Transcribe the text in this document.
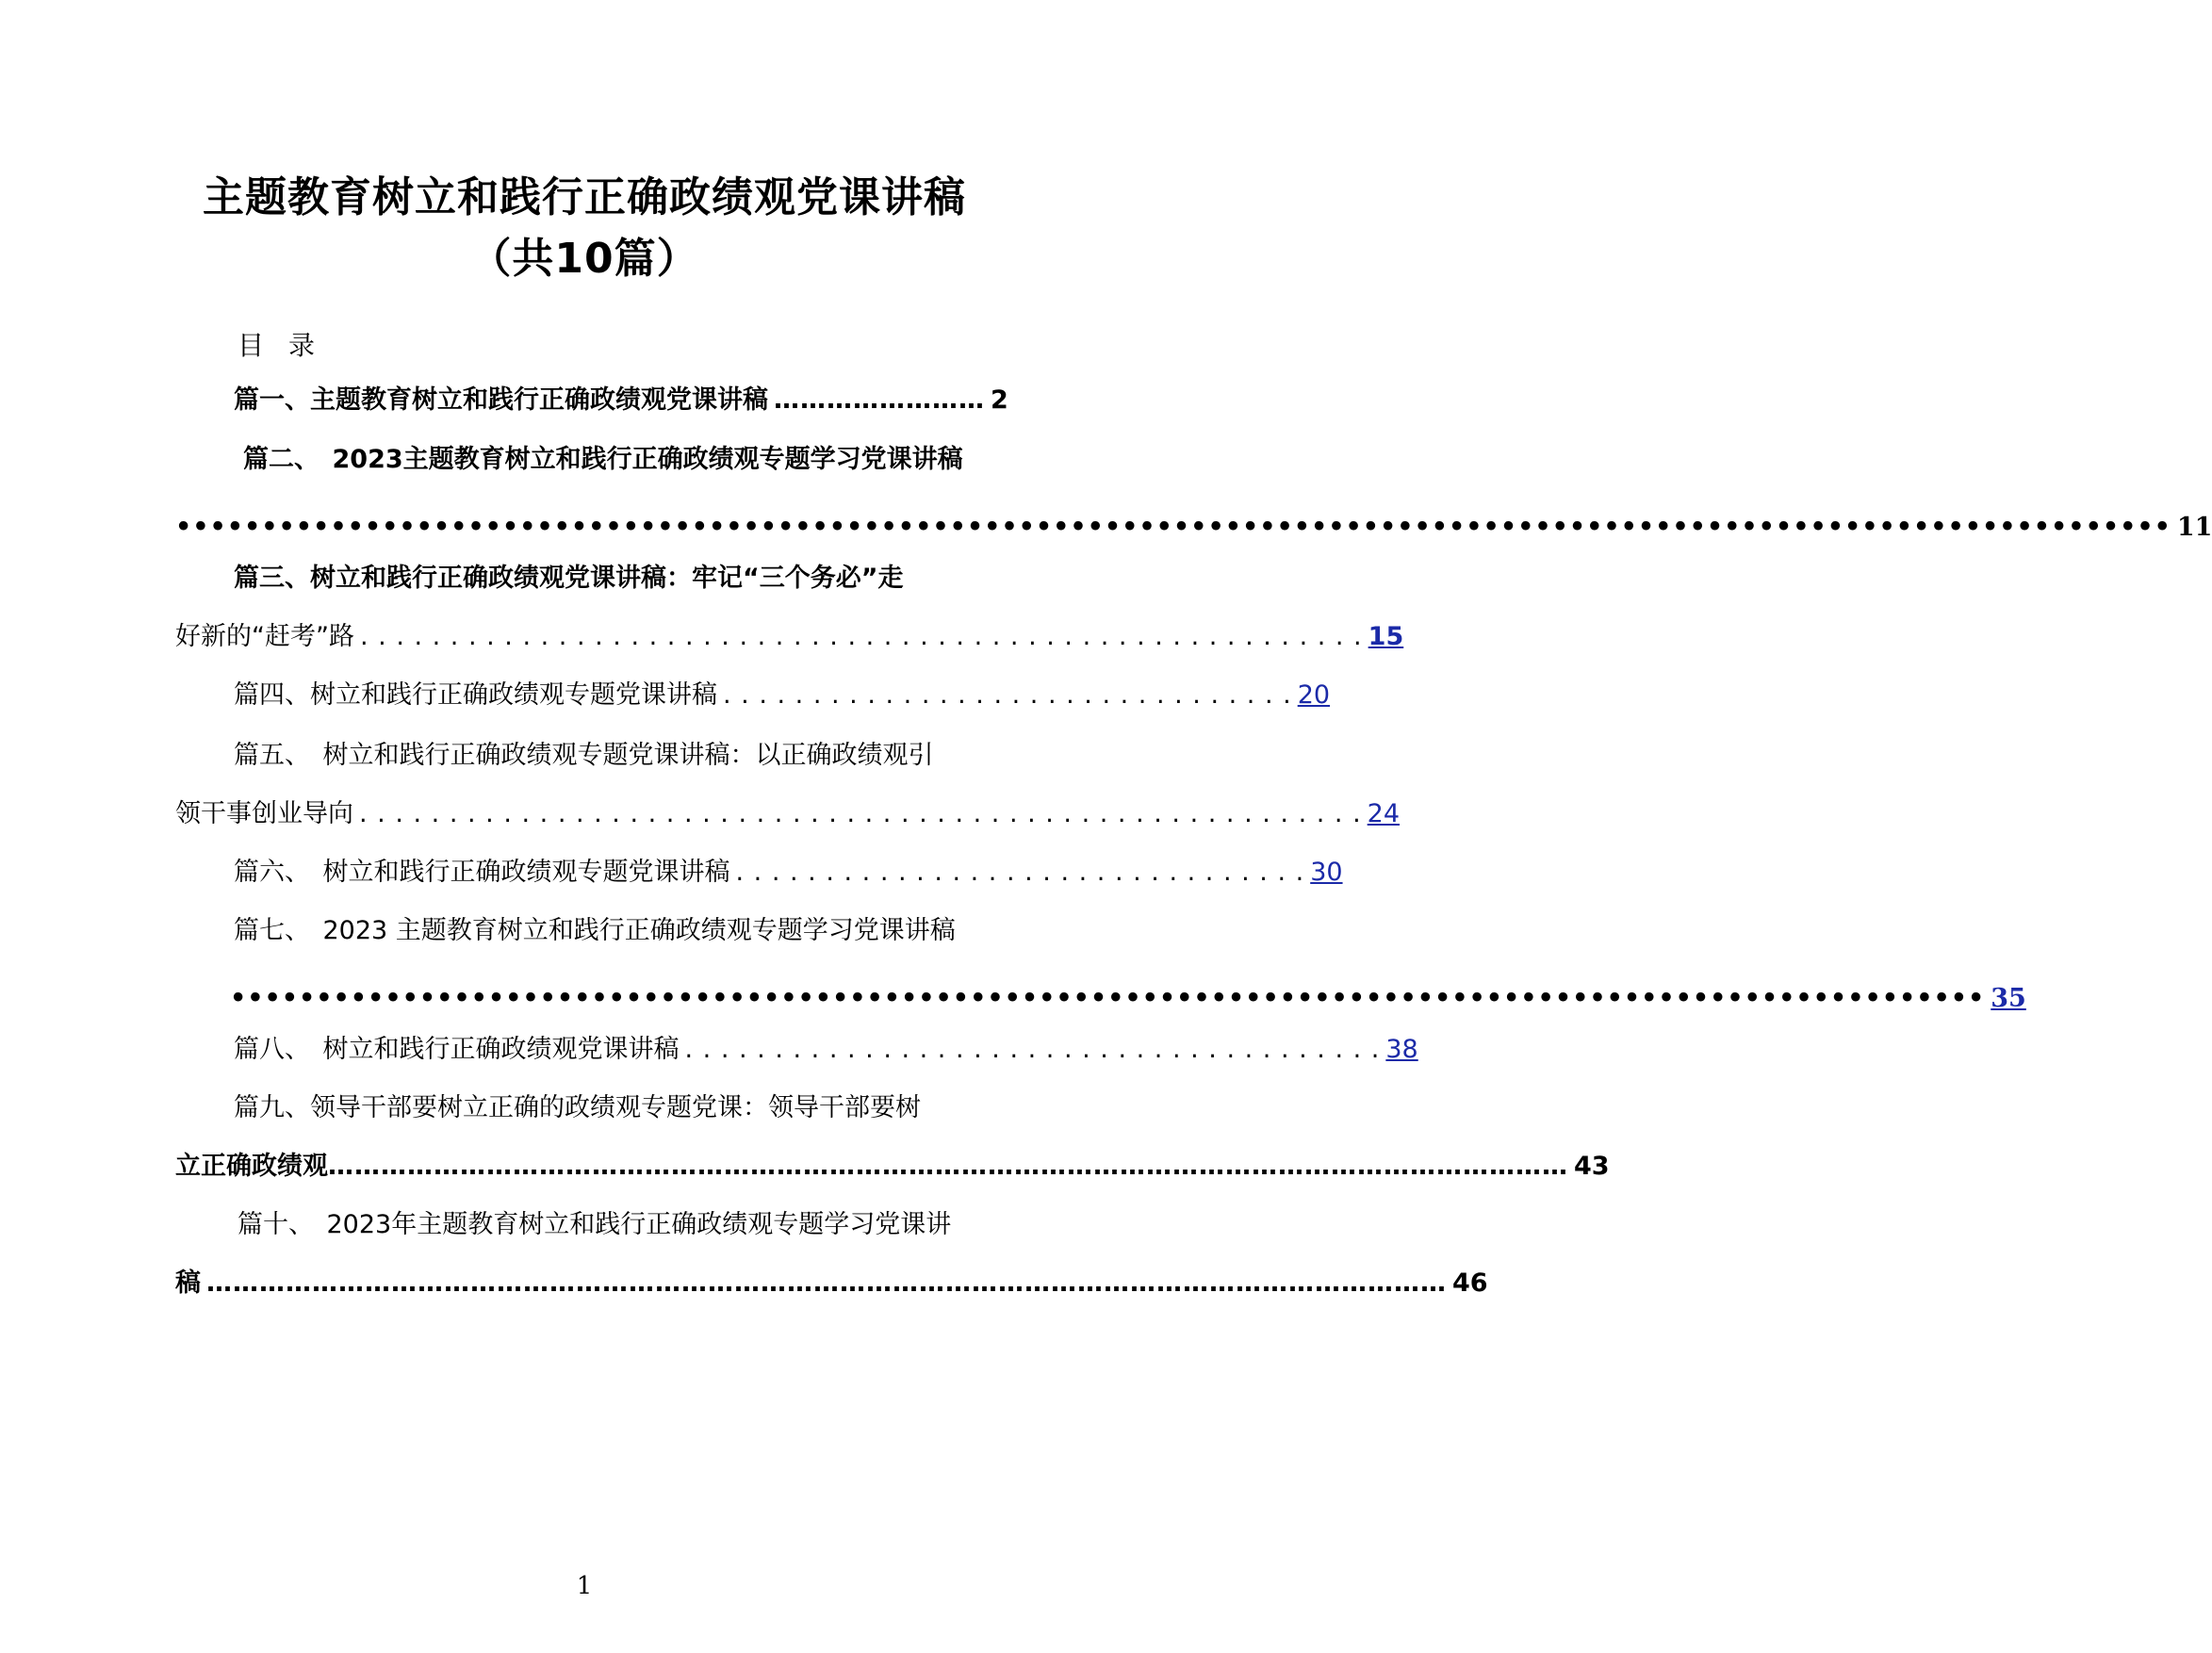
主题教育树立和践行正确政绩观党课讲稿
（共10篇）
目录
篇一、主题教育树立和践行正确政绩观党课讲稿 …………………… 2
篇二、　2023主题教育树立和践行正确政绩观专题学习党课讲稿
•••••••••••••••••••••••••••••••••••••••••••••••••••••••••••••••••••••••••••••••••••••••••••••••••••••••••••••••••••• 11
篇三、树立和践行正确政绩观党课讲稿：牢记“三个务必”走
好新的“赶考”路 . . . . . . . . . . . . . . . . . . . . . . . . . . . . . . . . . . . . . . . . . . . . . . . . . . . . . . . . 15
篇四、树立和践行正确政绩观专题党课讲稿 . . . . . . . . . . . . . . . . . . . . . . . . . . . . . . . . 20
篇五、　树立和践行正确政绩观专题党课讲稿：以正确政绩观引
领干事创业导向 . . . . . . . . . . . . . . . . . . . . . . . . . . . . . . . . . . . . . . . . . . . . . . . . . . . . . . . . 24
篇六、　树立和践行正确政绩观专题党课讲稿 . . . . . . . . . . . . . . . . . . . . . . . . . . . . . . . . 30
篇七、　2023 主题教育树立和践行正确政绩观专题学习党课讲稿
•••••••••••••••••••••••••••••••••••••••••••••••••••••••••••••••••••••••••••••••••••••••••••••••••••••• 35
篇八、　树立和践行正确政绩观党课讲稿 . . . . . . . . . . . . . . . . . . . . . . . . . . . . . . . . . . . . . . . 38
篇九、领导干部要树立正确的政绩观专题党课：领导干部要树
立正确政绩观 …………………………………………………………………………………………………………………………… 43
篇十、　2023年主题教育树立和践行正确政绩观专题学习党课讲
稿 …………………………………………………………………………………………………………………………… 46
1
